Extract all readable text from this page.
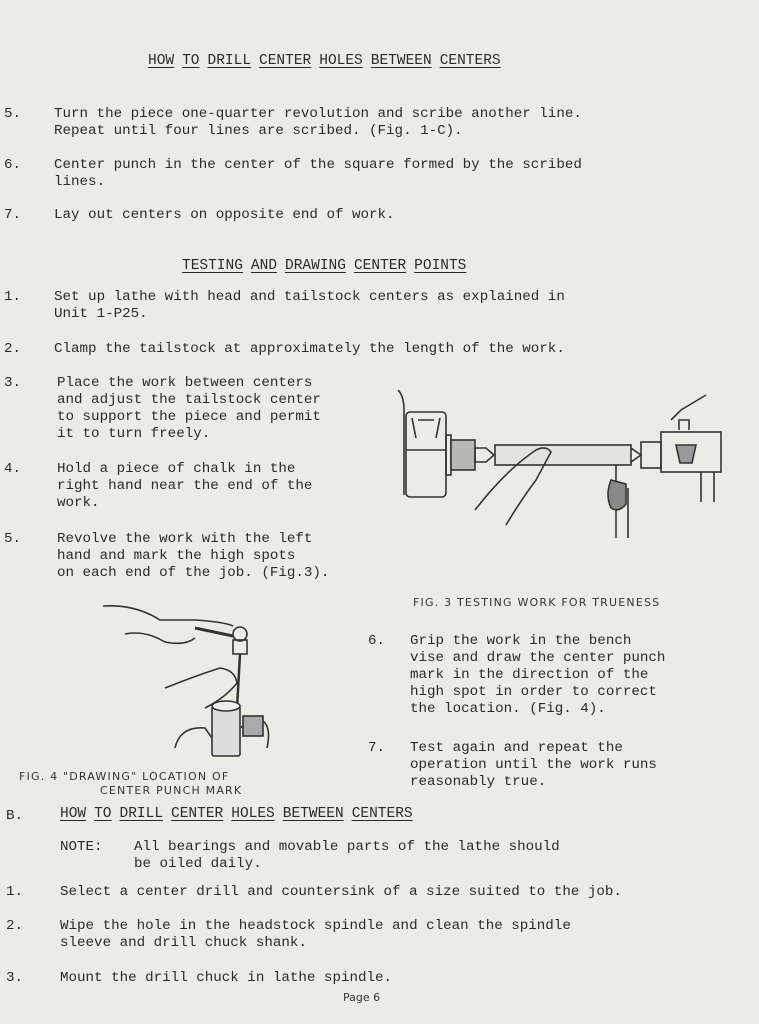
HOW TO DRILL CENTER HOLES BETWEEN CENTERS
5. Turn the piece one-quarter revolution and scribe another line.
Repeat until four lines are scribed. (Fig. 1-C).
6. Center punch in the center of the square formed by the scribed
lines.
7. Lay out centers on opposite end of work.
TESTING AND DRAWING CENTER POINTS
1. Set up lathe with head and tailstock centers as explained in
Unit 1-P25.
2. Clamp the tailstock at approximately the length of the work.
3.	Place the work between centers
and adjust the tailstock center
to support the piece and permit
it to turn freely.
4.	Hold a piece of chalk in the
right hand near the end of the
work.
5.	Revolve the work with the left
hand and mark the high spots
on each end of the job. (Fig.3).
FIG. 3 TESTING WORK FOR TRUENESS
FIG. 4 "DRAWING" LOCATION OF
CENTER PUNCH MARK
6. Grip the work in the bench
vise and draw the center punch
mark in the direction of the
high spot in order to correct
the location. (Fig. 4).
7. Test again and repeat the
operation until the work runs
reasonably true.
B.	HOW TO DRILL CENTER HOLES BETWEEN CENTERS
NOTE: All bearings and movable parts of the lathe should
be oiled daily.
1.	Select a center drill and countersink of a size suited to the job.
2.	Wipe the hole in the headstock spindle and clean the spindle
sleeve and drill chuck shank.
3.	Mount the drill chuck in lathe spindle.
Page 6
